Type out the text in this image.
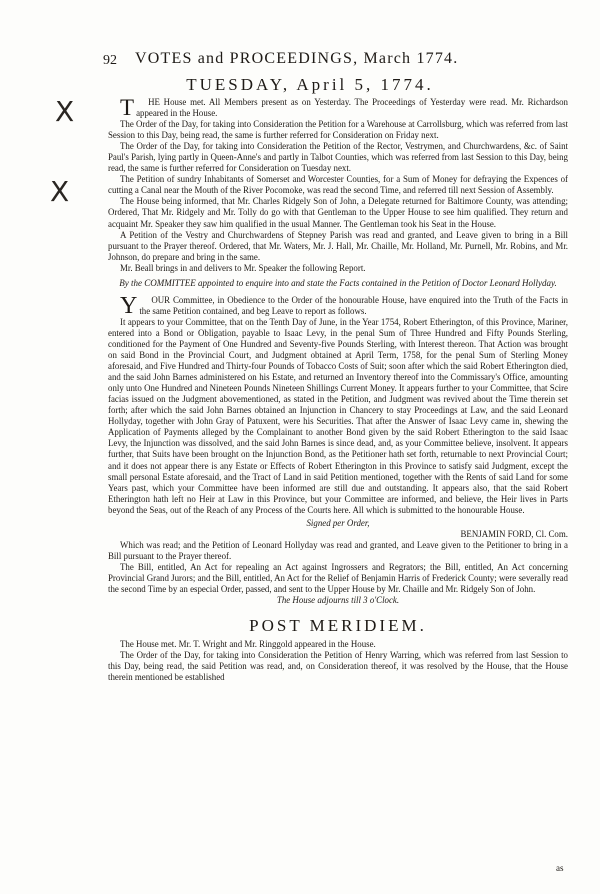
92 VOTES and PROCEEDINGS, March 1774.
TUESDAY, April 5, 1774.
X
X

THE House met. All Members present as on Yesterday. The Proceedings of Yesterday were read. Mr. Richardson appeared in the House.

The Order of the Day, for taking into Consideration the Petition for a Warehouse at Carrollsburg, which was referred from last Session to this Day, being read, the same is further referred for Consideration on Friday next.

The Order of the Day, for taking into Consideration the Petition of the Rector, Vestrymen, and Churchwardens, &c. of Saint Paul's Parish, lying partly in Queen-Anne's and partly in Talbot Counties, which was referred from last Session to this Day, being read, the same is further referred for Consideration on Tuesday next.

The Petition of sundry Inhabitants of Somerset and Worcester Counties, for a Sum of Money for defraying the Expences of cutting a Canal near the Mouth of the River Pocomoke, was read the second Time, and referred till next Session of Assembly.

The House being informed, that Mr. Charles Ridgely Son of John, a Delegate returned for Baltimore County, was attending; Ordered, That Mr. Ridgely and Mr. Tolly do go with that Gentleman to the Upper House to see him qualified. They return and acquaint Mr. Speaker they saw him qualified in the usual Manner. The Gentleman took his Seat in the House.

A Petition of the Vestry and Churchwardens of Stepney Parish was read and granted, and Leave given to bring in a Bill pursuant to the Prayer thereof. Ordered, that Mr. Waters, Mr. J. Hall, Mr. Chaille, Mr. Holland, Mr. Purnell, Mr. Robins, and Mr. Johnson, do prepare and bring in the same.

Mr. Beall brings in and delivers to Mr. Speaker the following Report.

By the COMMITTEE appointed to enquire into and state the Facts contained in the Petition of Doctor Leonard Hollyday.

YOUR Committee, in Obedience to the Order of the honourable House, have enquired into the Truth of the Facts in the same Petition contained, and beg Leave to report as follows.

It appears to your Committee, that on the Tenth Day of June, in the Year 1754, Robert Etherington, of this Province, Mariner, entered into a Bond or Obligation, payable to Isaac Levy, in the penal Sum of Three Hundred and Fifty Pounds Sterling, conditioned for the Payment of One Hundred and Seventy-five Pounds Sterling, with Interest thereon. That Action was brought on said Bond in the Provincial Court, and Judgment obtained at April Term, 1758, for the penal Sum of Sterling Money aforesaid, and Five Hundred and Thirty-four Pounds of Tobacco Costs of Suit; soon after which the said Robert Etherington died, and the said John Barnes administered on his Estate, and returned an Inventory thereof into the Commissary's Office, amounting only unto One Hundred and Nineteen Pounds Nineteen Shillings Current Money. It appears further to your Committee, that Scire facias issued on the Judgment abovementioned, as stated in the Petition, and Judgment was revived about the Time therein set forth; after which the said John Barnes obtained an Injunction in Chancery to stay Proceedings at Law, and the said Leonard Hollyday, together with John Gray of Patuxent, were his Securities. That after the Answer of Isaac Levy came in, shewing the Application of Payments alleged by the Complainant to another Bond given by the said Robert Etherington to the said Isaac Levy, the Injunction was dissolved, and the said John Barnes is since dead, and, as your Committee believe, insolvent. It appears further, that Suits have been brought on the Injunction Bond, as the Petitioner hath set forth, returnable to next Provincial Court; and it does not appear there is any Estate or Effects of Robert Etherington in this Province to satisfy said Judgment, except the small personal Estate aforesaid, and the Tract of Land in said Petition mentioned, together with the Rents of said Land for some Years past, which your Committee have been informed are still due and outstanding. It appears also, that the said Robert Etherington hath left no Heir at Law in this Province, but your Committee are informed, and believe, the Heir lives in Parts beyond the Seas, out of the Reach of any Process of the Courts here. All which is submitted to the honourable House.

Signed per Order,

BENJAMIN FORD, Cl. Com.

Which was read; and the Petition of Leonard Hollyday was read and granted, and Leave given to the Petitioner to bring in a Bill pursuant to the Prayer thereof.

The Bill, entitled, An Act for repealing an Act against Ingrossers and Regrators; the Bill, entitled, An Act concerning Provincial Grand Jurors; and the Bill, entitled, An Act for the Relief of Benjamin Harris of Frederick County; were severally read the second Time by an especial Order, passed, and sent to the Upper House by Mr. Chaille and Mr. Ridgely Son of John.

The House adjourns till 3 o'Clock.

POST MERIDIEM.

The House met. Mr. T. Wright and Mr. Ringgold appeared in the House.

The Order of the Day, for taking into Consideration the Petition of Henry Warring, which was referred from last Session to this Day, being read, the said Petition was read, and, on Consideration thereof, it was resolved by the House, that the House therein mentioned be established

as
